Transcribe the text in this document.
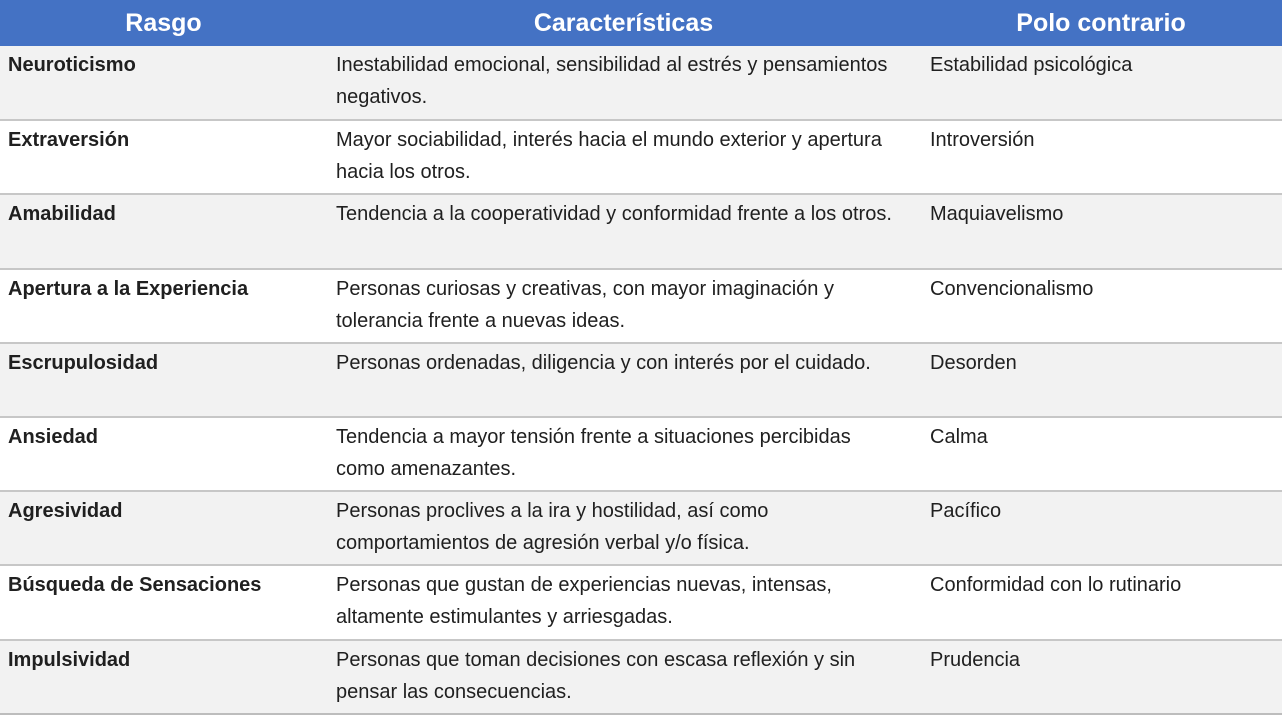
Rasgo	Características	Polo contrario
Neuroticismo	Inestabilidad emocional, sensibilidad al estrés y pensamientos negativos.	Estabilidad psicológica
Extraversión	Mayor sociabilidad, interés hacia el mundo exterior y apertura hacia los otros.	Introversión
Amabilidad	Tendencia a la cooperatividad y conformidad frente a los otros.	Maquiavelismo
Apertura a la Experiencia	Personas curiosas y creativas, con mayor imaginación y tolerancia frente a nuevas ideas.	Convencionalismo
Escrupulosidad	Personas ordenadas, diligencia y con interés por el cuidado.	Desorden
Ansiedad	Tendencia a mayor tensión frente a situaciones percibidas como amenazantes.	Calma
Agresividad	Personas proclives a la ira y hostilidad, así como comportamientos de agresión verbal y/o física.	Pacífico
Búsqueda de Sensaciones	Personas que gustan de experiencias nuevas, intensas, altamente estimulantes y arriesgadas.	Conformidad con lo rutinario
Impulsividad	Personas que toman decisiones con escasa reflexión y sin pensar las consecuencias.	Prudencia
